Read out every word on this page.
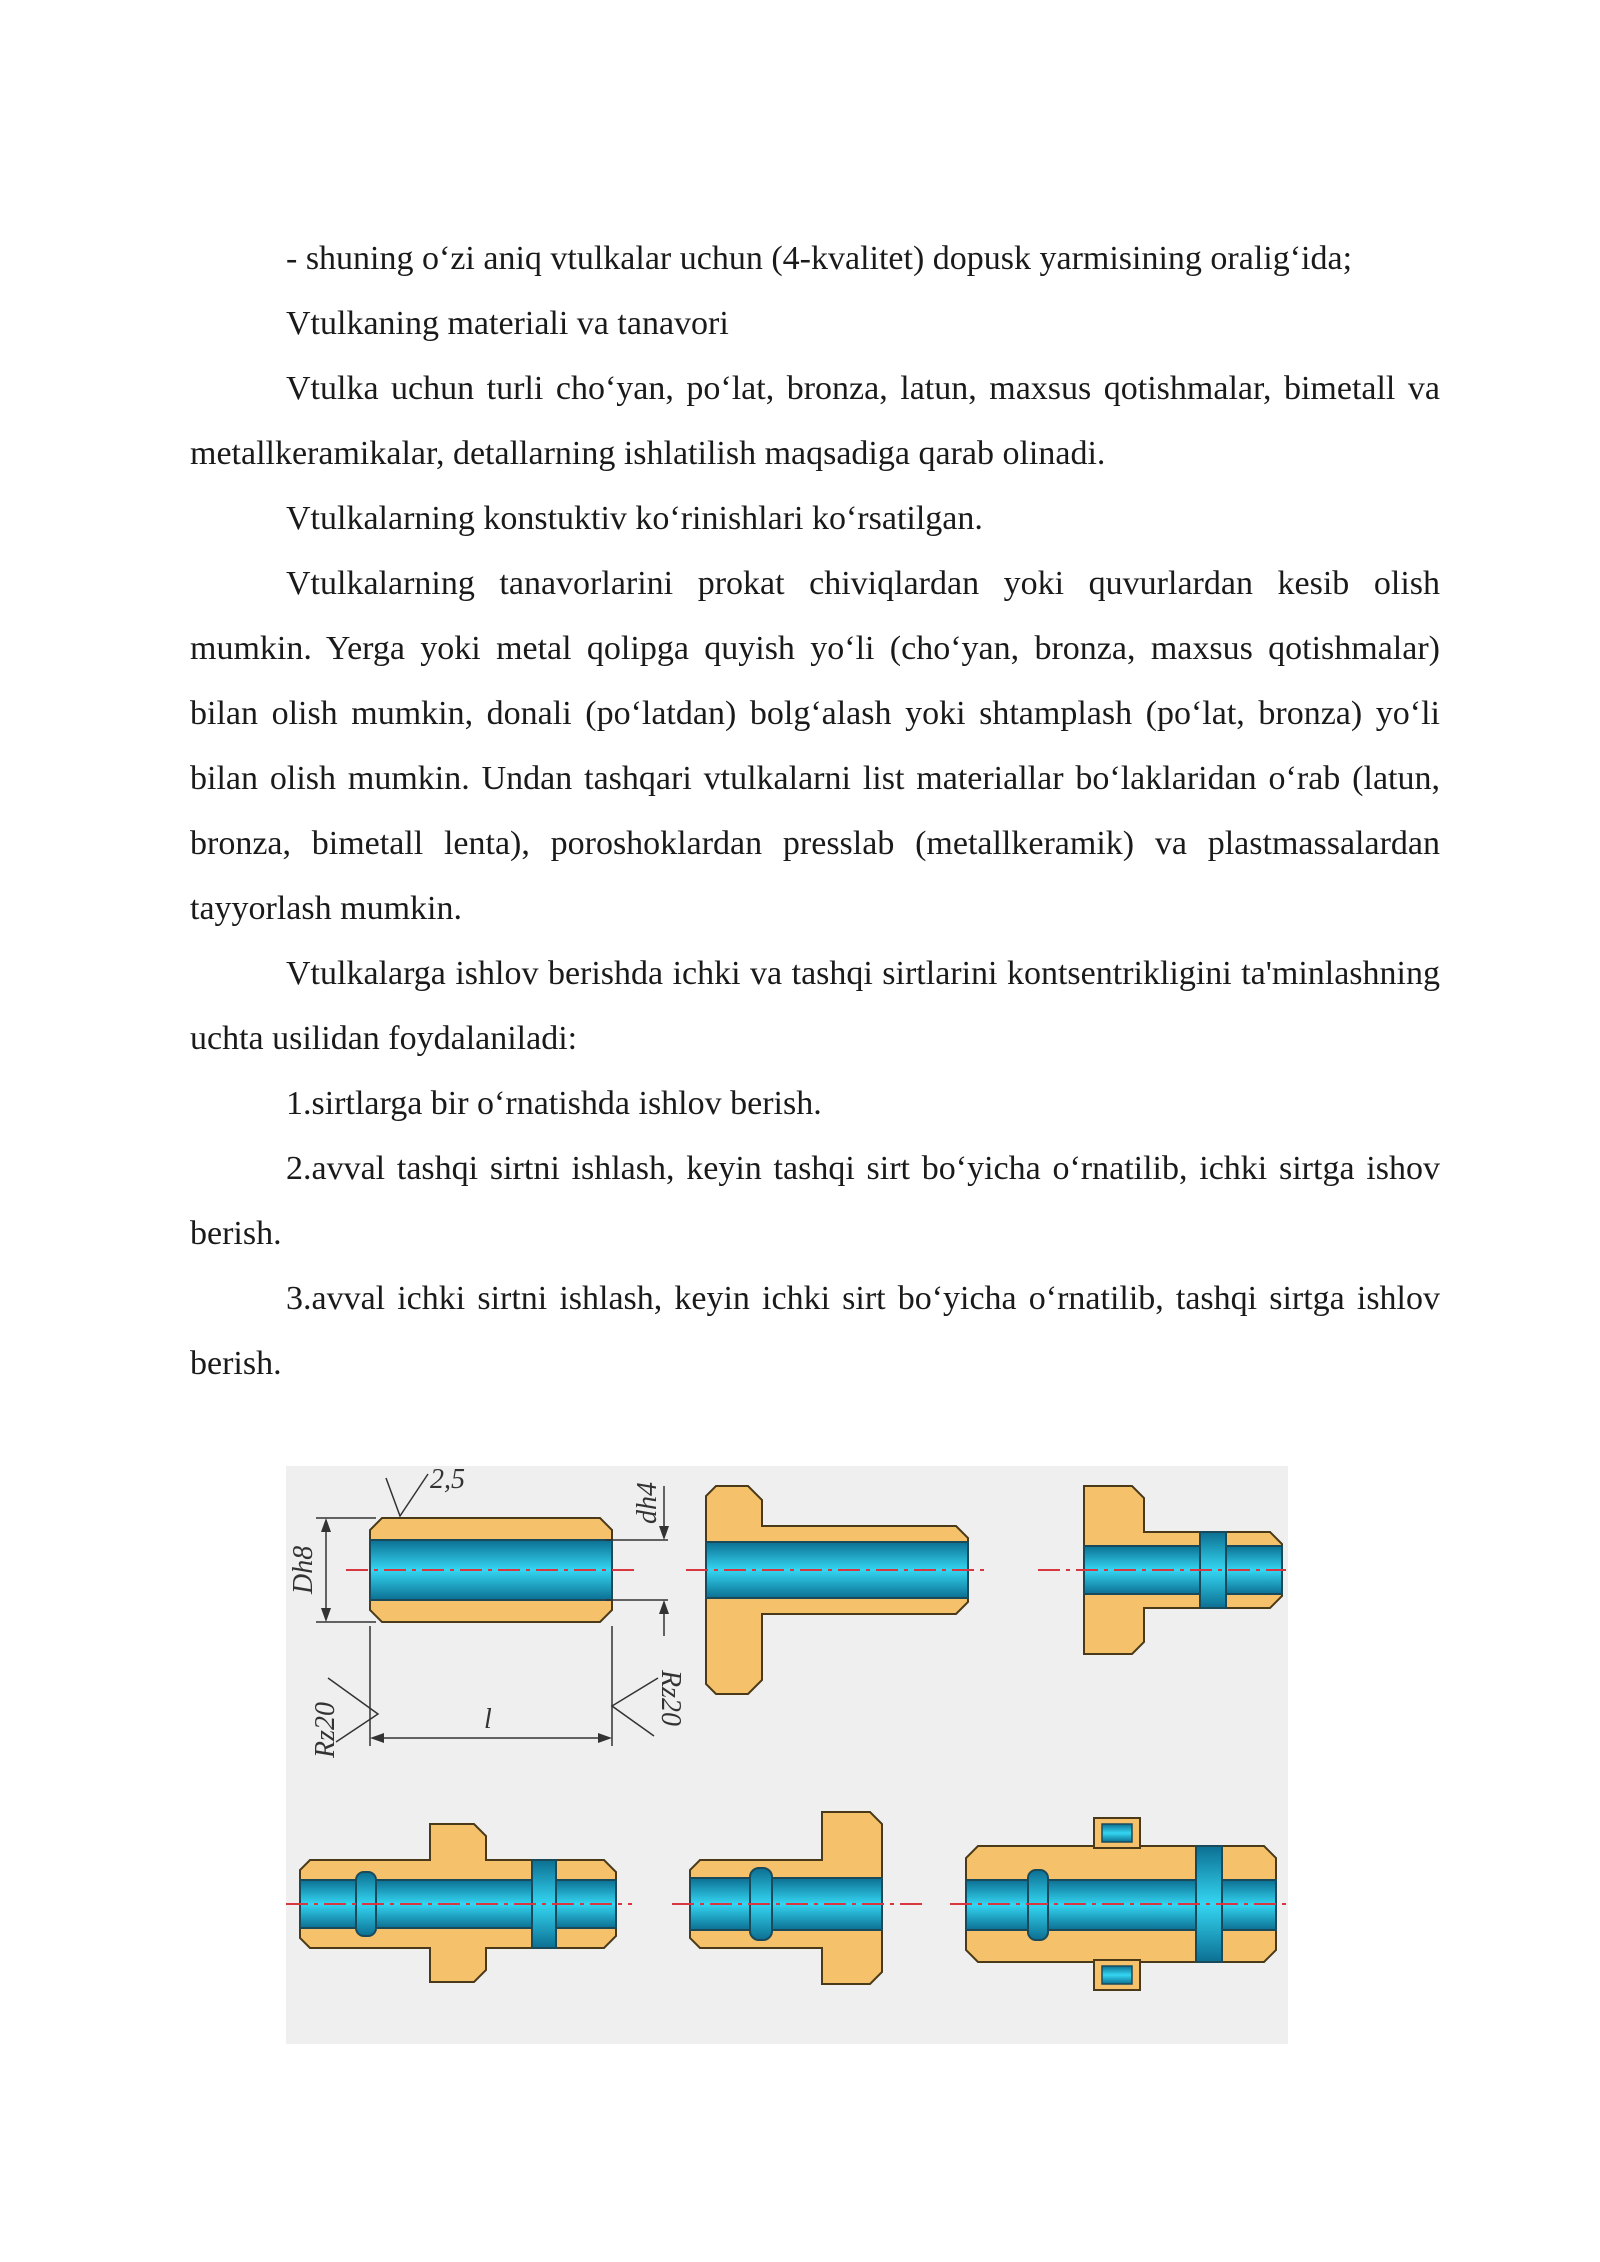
- shuning o‘zi aniq vtulkalar uchun (4-kvalitet) dopusk yarmisining oralig‘ida;

Vtulkaning materiali va tanavori

Vtulka uchun turli cho‘yan, po‘lat, bronza, latun, maxsus qotishmalar, bimetall va metallkeramikalar, detallarning ishlatilish maqsadiga qarab olinadi.

Vtulkalarning konstuktiv ko‘rinishlari ko‘rsatilgan.

Vtulkalarning tanavorlarini prokat chiviqlardan yoki quvurlardan kesib olish mumkin. Yerga yoki metal qolipga quyish yo‘li (cho‘yan, bronza, maxsus qotishmalar) bilan olish mumkin, donali (po‘latdan) bolg‘alash yoki shtamplash (po‘lat, bronza) yo‘li bilan olish mumkin. Undan tashqari vtulkalarni list materiallar bo‘laklaridan o‘rab (latun, bronza, bimetall lenta), poroshoklardan presslab (metallkeramik) va plastmassalardan tayyorlash mumkin.

Vtulkalarga ishlov berishda ichki va tashqi sirtlarini kontsentrikligini ta'minlashning uchta usilidan foydalaniladi:

1.sirtlarga bir o‘rnatishda ishlov berish.

2.avval tashqi sirtni ishlash, keyin tashqi sirt bo‘yicha o‘rnatilib, ichki sirtga ishov berish.

3.avval ichki sirtni ishlash, keyin ichki sirt bo‘yicha o‘rnatilib, tashqi sirtga ishlov berish.

Dh8
dh4
2,5
l
Rz20
Rz20
